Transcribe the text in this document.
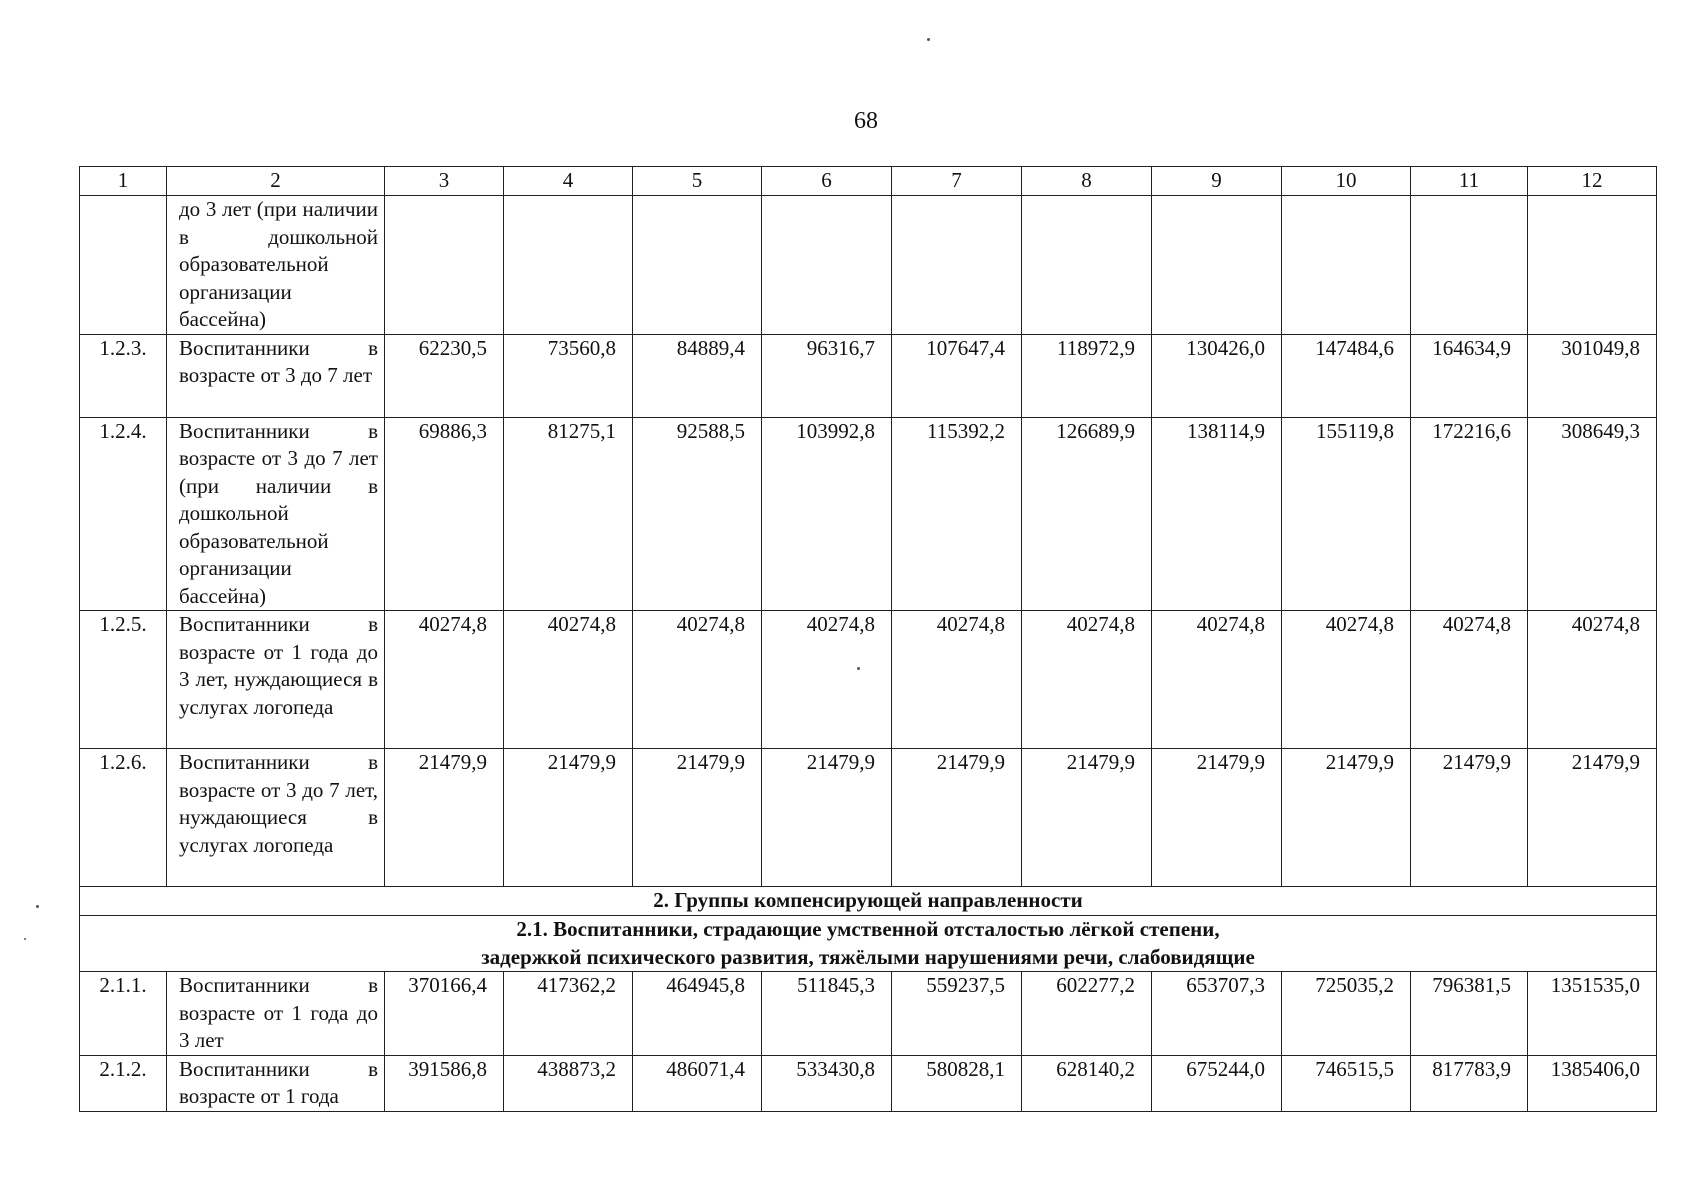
68
1	2	3	4	5	6	7	8	9	10	11	12
	до 3 лет (при наличии в дошкольной образовательной организации бассейна)										
1.2.3.	Воспитанники в возрасте от 3 до 7 лет	62230,5	73560,8	84889,4	96316,7	107647,4	118972,9	130426,0	147484,6	164634,9	301049,8
1.2.4.	Воспитанники в возрасте от 3 до 7 лет (при наличии в дошкольной образовательной организации бассейна)	69886,3	81275,1	92588,5	103992,8	115392,2	126689,9	138114,9	155119,8	172216,6	308649,3
1.2.5.	Воспитанники в возрасте от 1 года до 3 лет, нуждающиеся в услугах логопеда	40274,8	40274,8	40274,8	40274,8	40274,8	40274,8	40274,8	40274,8	40274,8	40274,8
1.2.6.	Воспитанники в возрасте от 3 до 7 лет, нуждающиеся в услугах логопеда	21479,9	21479,9	21479,9	21479,9	21479,9	21479,9	21479,9	21479,9	21479,9	21479,9
2. Группы компенсирующей направленности											

2.1. Воспитанники, страдающие умственной отсталостью лёгкой степени,
задержкой психического развития, тяжёлыми нарушениями речи, слабовидящие											

2.1.1.	Воспитанники в возрасте от 1 года до 3 лет	370166,4	417362,2	464945,8	511845,3	559237,5	602277,2	653707,3	725035,2	796381,5	1351535,0
2.1.2.	Воспитанники в возрасте от 1 года	391586,8	438873,2	486071,4	533430,8	580828,1	628140,2	675244,0	746515,5	817783,9	1385406,0
